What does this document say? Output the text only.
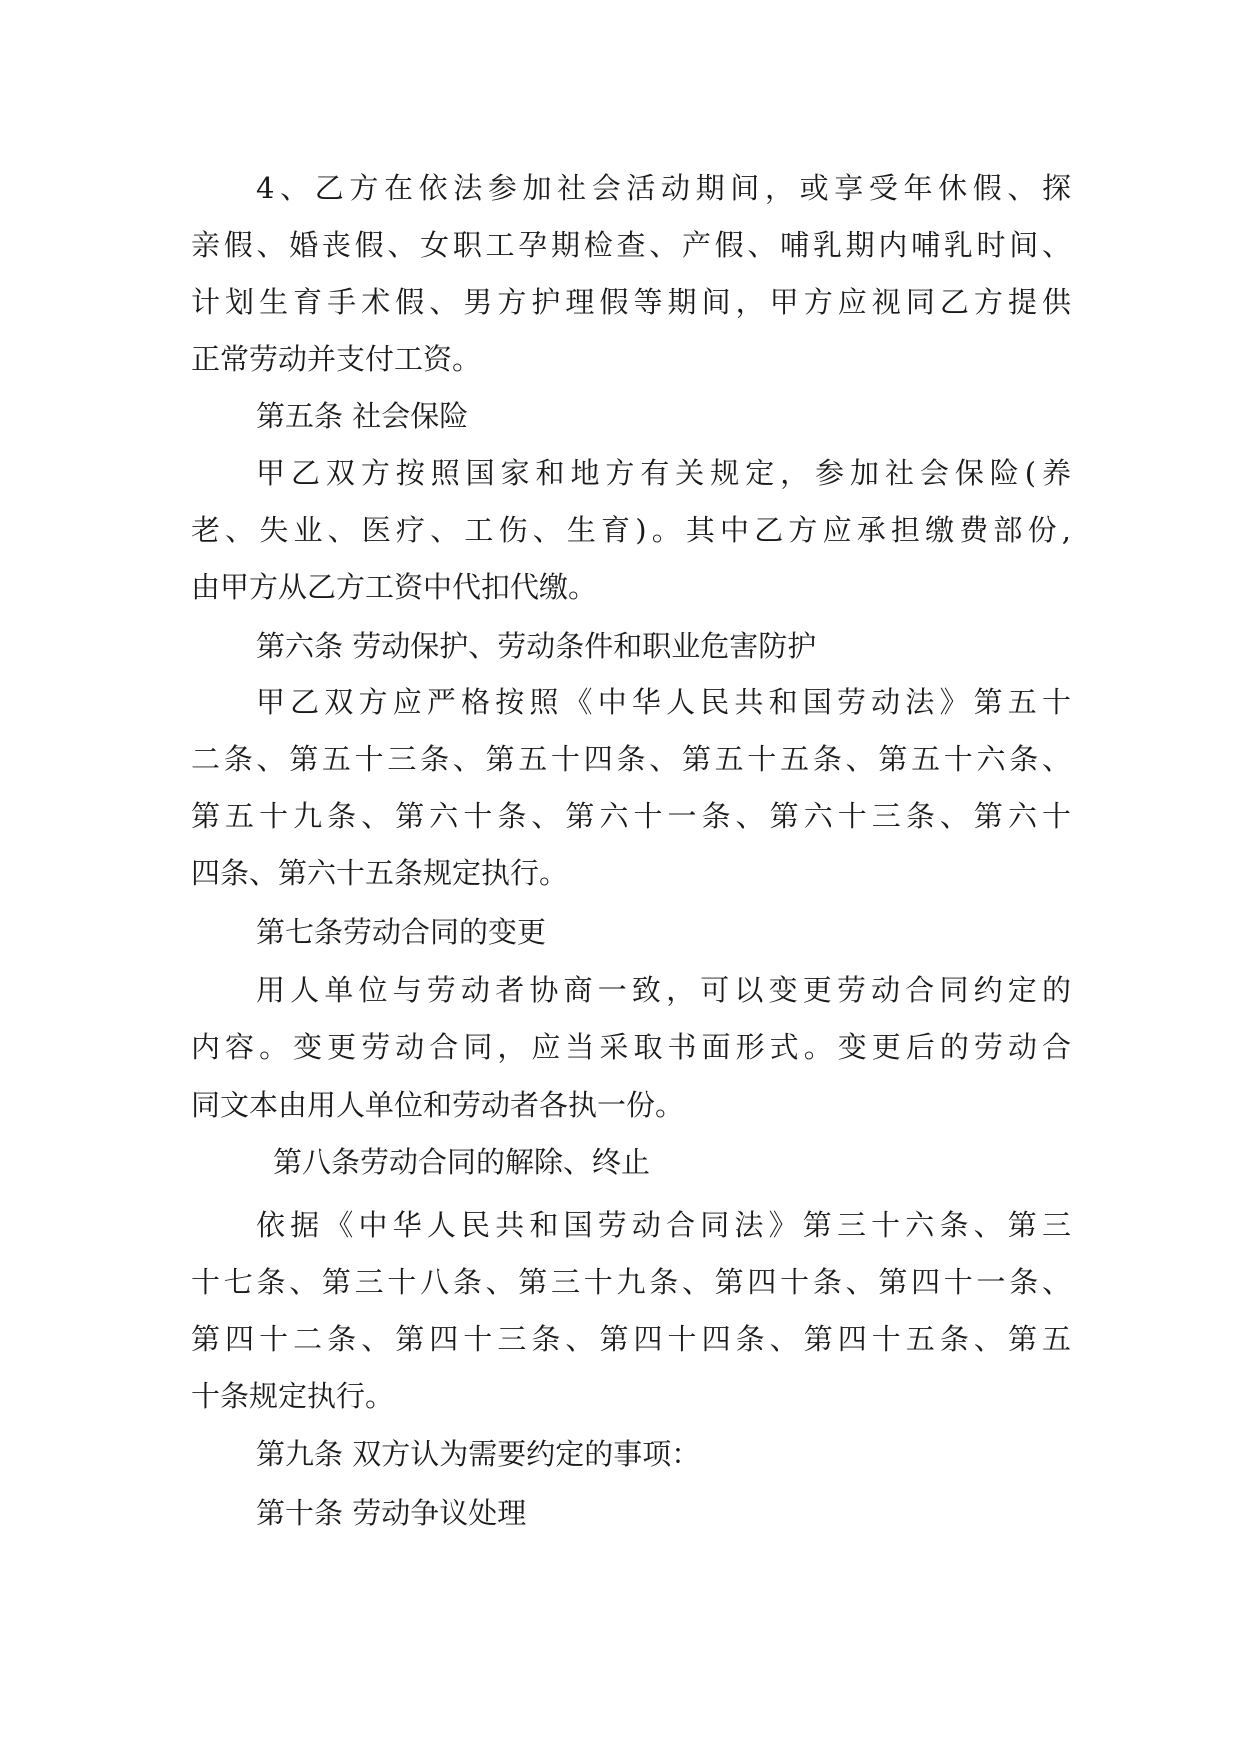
4、乙方在依法参加社会活动期间，或享受年休假、探
亲假、婚丧假、女职工孕期检查、产假、哺乳期内哺乳时间、
计划生育手术假、男方护理假等期间，甲方应视同乙方提供
正常劳动并支付工资。
第五条 社会保险
甲乙双方按照国家和地方有关规定，参加社会保险(养
老、失业、医疗、工伤、生育)。其中乙方应承担缴费部份,
由甲方从乙方工资中代扣代缴。
第六条 劳动保护、劳动条件和职业危害防护
甲乙双方应严格按照《中华人民共和国劳动法》第五十
二条、第五十三条、第五十四条、第五十五条、第五十六条、
第五十九条、第六十条、第六十一条、第六十三条、第六十
四条、第六十五条规定执行。
第七条劳动合同的变更
用人单位与劳动者协商一致，可以变更劳动合同约定的
内容。变更劳动合同，应当采取书面形式。变更后的劳动合
同文本由用人单位和劳动者各执一份。
第八条劳动合同的解除、终止
依据《中华人民共和国劳动合同法》第三十六条、第三
十七条、第三十八条、第三十九条、第四十条、第四十一条、
第四十二条、第四十三条、第四十四条、第四十五条、第五
十条规定执行。
第九条 双方认为需要约定的事项：
第十条 劳动争议处理
